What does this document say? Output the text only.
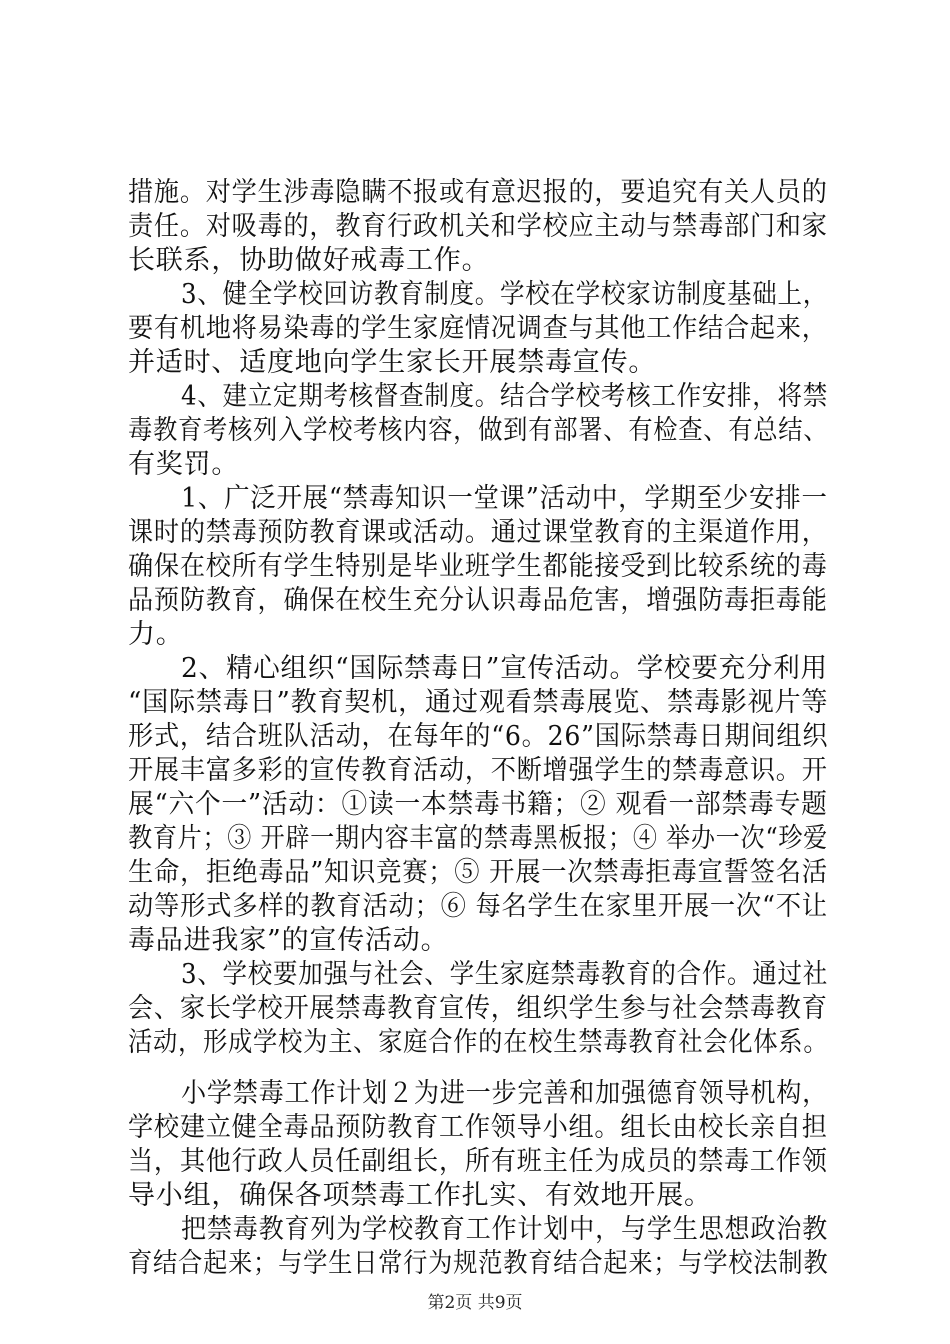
措施。对学生涉毒隐瞒不报或有意迟报的，要追究有关人员的
责任。对吸毒的，教育行政机关和学校应主动与禁毒部门和家
长联系，协助做好戒毒工作。
3、健全学校回访教育制度。学校在学校家访制度基础上，
要有机地将易染毒的学生家庭情况调查与其他工作结合起来，
并适时、适度地向学生家长开展禁毒宣传。
4、建立定期考核督查制度。结合学校考核工作安排，将禁
毒教育考核列入学校考核内容，做到有部署、有检查、有总结、
有奖罚。
1、广泛开展“禁毒知识一堂课”活动中，学期至少安排一
课时的禁毒预防教育课或活动。通过课堂教育的主渠道作用，
确保在校所有学生特别是毕业班学生都能接受到比较系统的毒
品预防教育，确保在校生充分认识毒品危害，增强防毒拒毒能
力。
2、精心组织“国际禁毒日”宣传活动。学校要充分利用
“国际禁毒日”教育契机，通过观看禁毒展览、禁毒影视片等
形式，结合班队活动，在每年的“6。26”国际禁毒日期间组织
开展丰富多彩的宣传教育活动，不断增强学生的禁毒意识。开
展“六个一”活动：①读一本禁毒书籍；② 观看一部禁毒专题
教育片；③ 开辟一期内容丰富的禁毒黑板报；④ 举办一次“珍爱
生命，拒绝毒品”知识竞赛；⑤ 开展一次禁毒拒毒宣誓签名活
动等形式多样的教育活动；⑥ 每名学生在家里开展一次“不让
毒品进我家”的宣传活动。
3、学校要加强与社会、学生家庭禁毒教育的合作。通过社
会、家长学校开展禁毒教育宣传，组织学生参与社会禁毒教育
活动，形成学校为主、家庭合作的在校生禁毒教育社会化体系。
小学禁毒工作计划２为进一步完善和加强德育领导机构，
学校建立健全毒品预防教育工作领导小组。组长由校长亲自担
当，其他行政人员任副组长，所有班主任为成员的禁毒工作领
导小组，确保各项禁毒工作扎实、有效地开展。
把禁毒教育列为学校教育工作计划中，与学生思想政治教
育结合起来；与学生日常行为规范教育结合起来；与学校法制教
第2页 共9页
